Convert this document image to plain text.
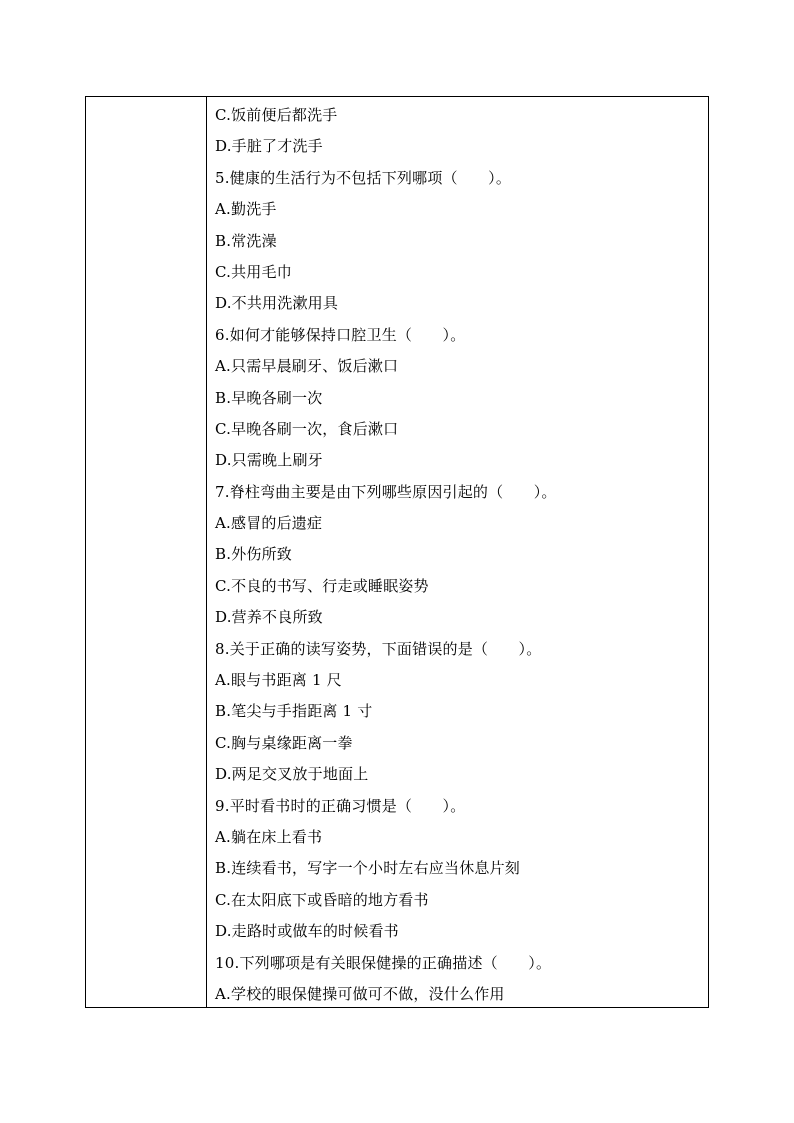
C.饭前便后都洗手
D.手脏了才洗手
5.健康的生活行为不包括下列哪项（　　）。
A.勤洗手
B.常洗澡
C.共用毛巾
D.不共用洗漱用具
6.如何才能够保持口腔卫生（　　）。
A.只需早晨刷牙、饭后漱口
B.早晚各刷一次
C.早晚各刷一次，食后漱口
D.只需晚上刷牙
7.脊柱弯曲主要是由下列哪些原因引起的（　　）。
A.感冒的后遗症
B.外伤所致
C.不良的书写、行走或睡眠姿势
D.营养不良所致
8.关于正确的读写姿势，下面错误的是（　　）。
A.眼与书距离 1 尺
B.笔尖与手指距离 1 寸
C.胸与桌缘距离一拳
D.两足交叉放于地面上
9.平时看书时的正确习惯是（　　）。
A.躺在床上看书
B.连续看书，写字一个小时左右应当休息片刻
C.在太阳底下或昏暗的地方看书
D.走路时或做车的时候看书
10.下列哪项是有关眼保健操的正确描述（　　）。
A.学校的眼保健操可做可不做，没什么作用
